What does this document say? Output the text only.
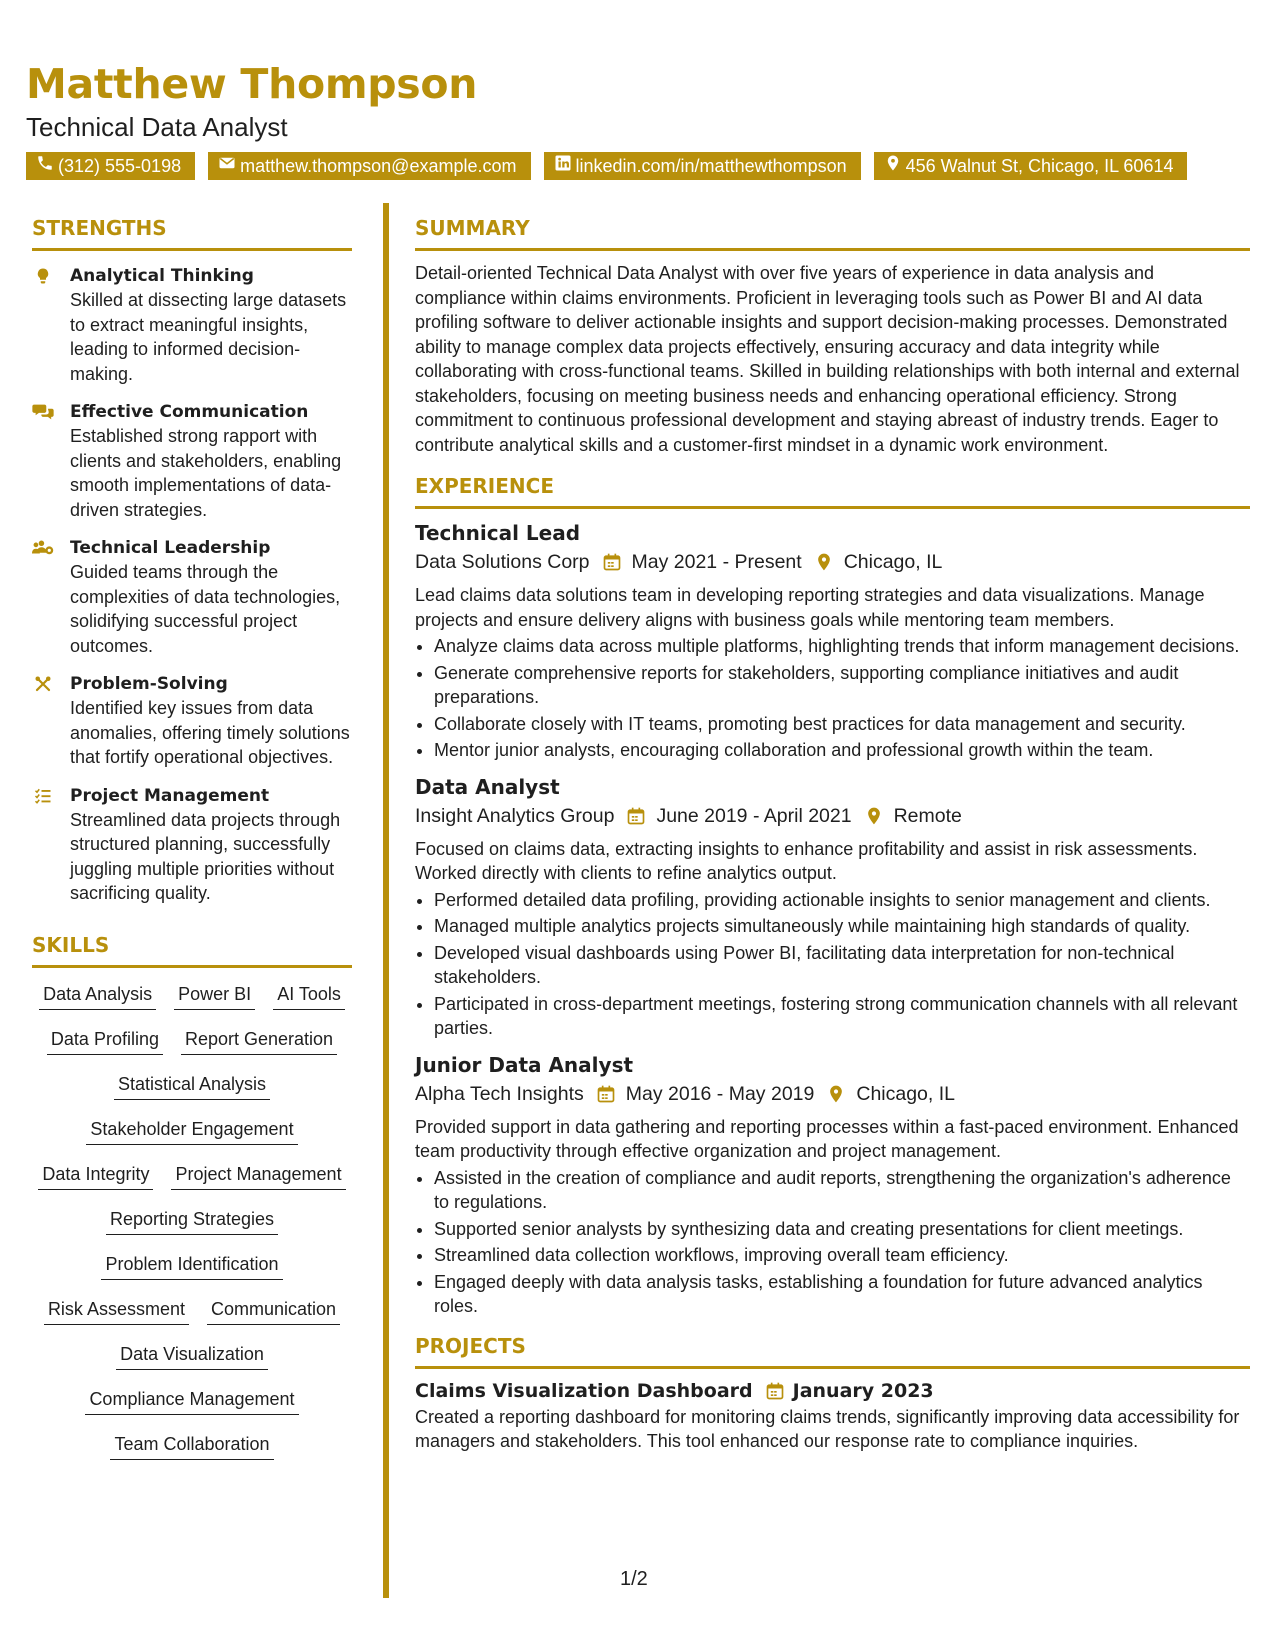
Matthew Thompson
Technical Data Analyst
(312) 555-0198	matthew.thompson@example.com	linkedin.com/in/matthewthompson	456 Walnut St, Chicago, IL 60614
STRENGTHS
Analytical Thinking
Skilled at dissecting large datasets to extract meaningful insights, leading to informed decision-making.
Effective Communication
Established strong rapport with clients and stakeholders, enabling smooth implementations of data-driven strategies.
Technical Leadership
Guided teams through the complexities of data technologies, solidifying successful project outcomes.
Problem-Solving
Identified key issues from data anomalies, offering timely solutions that fortify operational objectives.
Project Management
Streamlined data projects through structured planning, successfully juggling multiple priorities without sacrificing quality.
SKILLS
Data Analysis Power BI AI Tools
Data Profiling Report Generation
Statistical Analysis
Stakeholder Engagement
Data Integrity Project Management
Reporting Strategies
Problem Identification
Risk Assessment Communication
Data Visualization
Compliance Management
Team Collaboration
SUMMARY
Detail-oriented Technical Data Analyst with over five years of experience in data analysis and compliance within claims environments. Proficient in leveraging tools such as Power BI and AI data profiling software to deliver actionable insights and support decision-making processes. Demonstrated ability to manage complex data projects effectively, ensuring accuracy and data integrity while collaborating with cross-functional teams. Skilled in building relationships with both internal and external stakeholders, focusing on meeting business needs and enhancing operational efficiency. Strong commitment to continuous professional development and staying abreast of industry trends. Eager to contribute analytical skills and a customer-first mindset in a dynamic work environment.
EXPERIENCE
Technical Lead
Data Solutions Corp May 2021 - Present Chicago, IL
Lead claims data solutions team in developing reporting strategies and data visualizations. Manage projects and ensure delivery aligns with business goals while mentoring team members.
• Analyze claims data across multiple platforms, highlighting trends that inform management decisions.
• Generate comprehensive reports for stakeholders, supporting compliance initiatives and audit preparations.
• Collaborate closely with IT teams, promoting best practices for data management and security.
• Mentor junior analysts, encouraging collaboration and professional growth within the team.
Data Analyst
Insight Analytics Group June 2019 - April 2021 Remote
Focused on claims data, extracting insights to enhance profitability and assist in risk assessments. Worked directly with clients to refine analytics output.
• Performed detailed data profiling, providing actionable insights to senior management and clients.
• Managed multiple analytics projects simultaneously while maintaining high standards of quality.
• Developed visual dashboards using Power BI, facilitating data interpretation for non-technical stakeholders.
• Participated in cross-department meetings, fostering strong communication channels with all relevant parties.
Junior Data Analyst
Alpha Tech Insights May 2016 - May 2019 Chicago, IL
Provided support in data gathering and reporting processes within a fast-paced environment. Enhanced team productivity through effective organization and project management.
• Assisted in the creation of compliance and audit reports, strengthening the organization's adherence to regulations.
• Supported senior analysts by synthesizing data and creating presentations for client meetings.
• Streamlined data collection workflows, improving overall team efficiency.
• Engaged deeply with data analysis tasks, establishing a foundation for future advanced analytics roles.
PROJECTS
Claims Visualization Dashboard January 2023
Created a reporting dashboard for monitoring claims trends, significantly improving data accessibility for managers and stakeholders. This tool enhanced our response rate to compliance inquiries.
1/2
